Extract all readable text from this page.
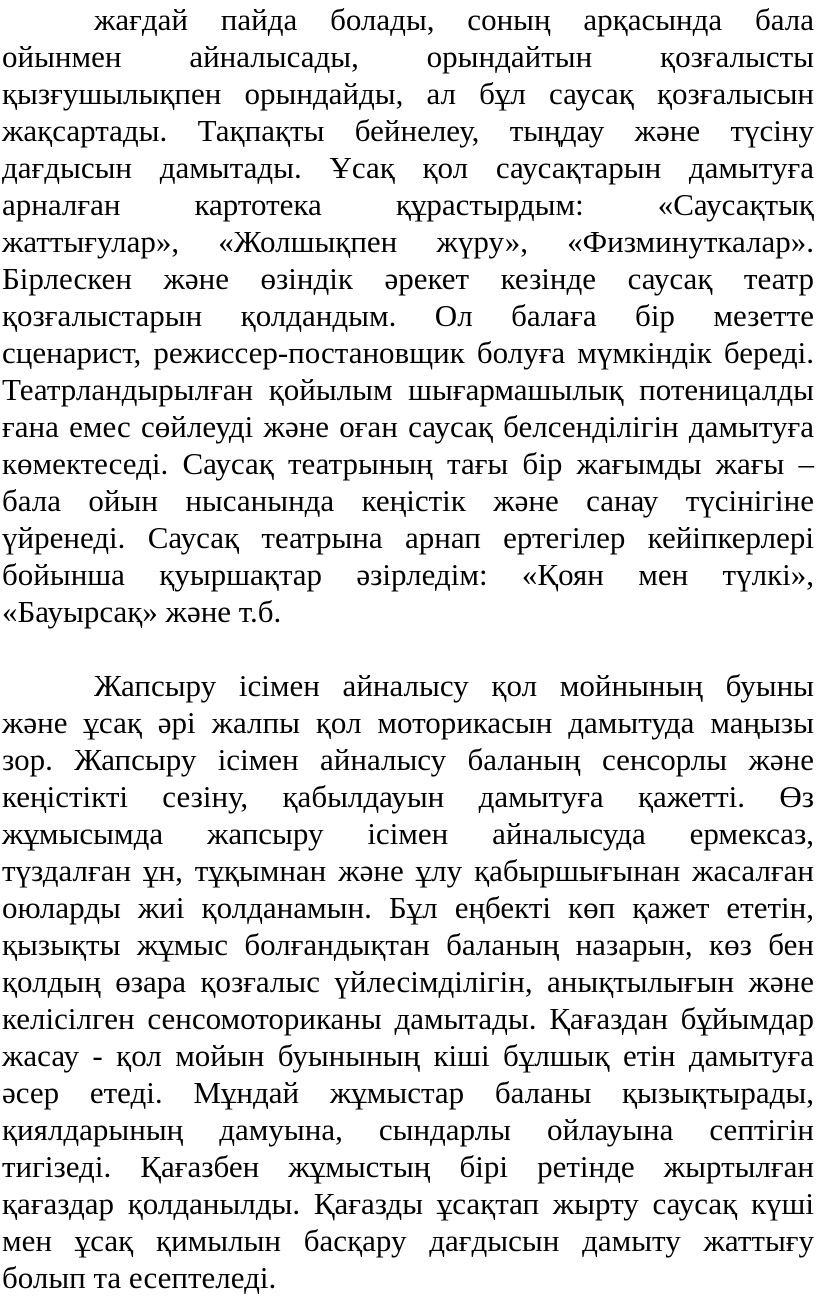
жағдай пайда болады, соның арқасында бала
ойынмен айналысады, орындайтын қозғалысты
қызғушылықпен орындайды, ал бұл саусақ қозғалысын
жақсартады. Тақпақты бейнелеу, тыңдау және түсіну
дағдысын дамытады. Ұсақ қол саусақтарын дамытуға
арналған картотека құрастырдым: «Саусақтық
жаттығулар», «Жолшықпен жүру», «Физминуткалар».
Бірлескен және өзіндік әрекет кезінде саусақ театр
қозғалыстарын қолдандым. Ол балаға бір мезетте
сценарист, режиссер-постановщик болуға мүмкіндік береді.
Театрландырылған қойылым шығармашылық потеницалды
ғана емес сөйлеуді және оған саусақ белсенділігін дамытуға
көмектеседі. Саусақ театрының тағы бір жағымды жағы –
бала ойын нысанында кеңістік және санау түсінігіне
үйренеді. Саусақ театрына арнап ертегілер кейіпкерлері
бойынша қуыршақтар әзірледім: «Қоян мен түлкі»,
«Бауырсақ» және т.б.
Жапсыру ісімен айналысу қол мойнының буыны
және ұсақ әрі жалпы қол моторикасын дамытуда маңызы
зор. Жапсыру ісімен айналысу баланың сенсорлы және
кеңістікті сезіну, қабылдауын дамытуға қажетті. Өз
жұмысымда жапсыру ісімен айналысуда ермексаз,
түздалған ұн, тұқымнан және ұлу қабыршығынан жасалған
оюларды жиі қолданамын. Бұл еңбекті көп қажет ететін,
қызықты жұмыс болғандықтан баланың назарын, көз бен
қолдың өзара қозғалыс үйлесімділігін, анықтылығын және
келісілген сенсомоториканы дамытады. Қағаздан бұйымдар
жасау - қол мойын буынының кіші бұлшық етін дамытуға
әсер етеді. Мұндай жұмыстар баланы қызықтырады,
қиялдарының дамуына, сындарлы ойлауына септігін
тигізеді. Қағазбен жұмыстың бірі ретінде жыртылған
қағаздар қолданылды. Қағазды ұсақтап жырту саусақ күші
мен ұсақ қимылын басқару дағдысын дамыту жаттығу
болып та есептеледі.
